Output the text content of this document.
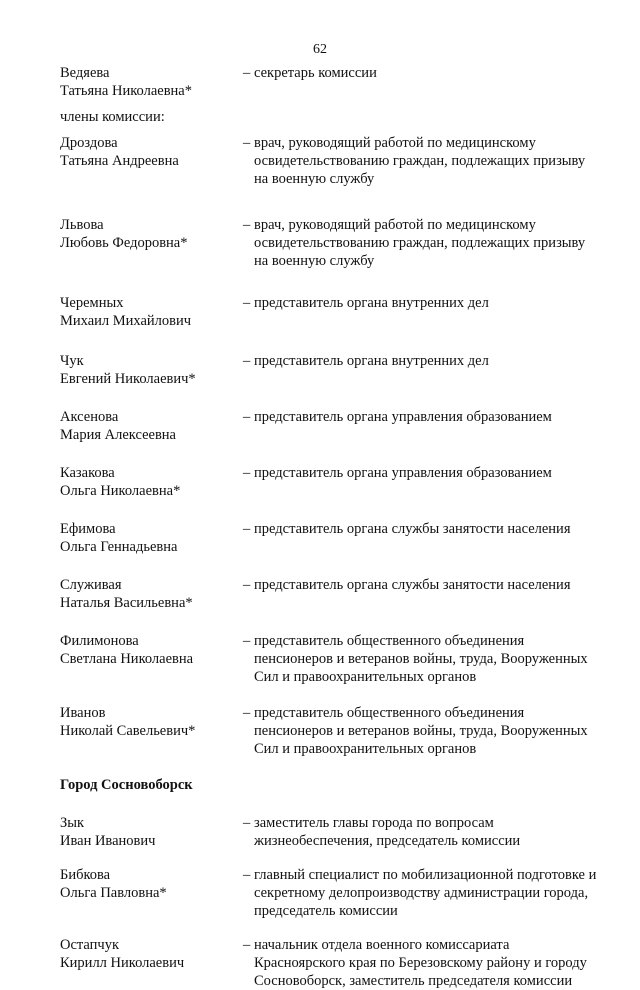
62
Ведяева
Татьяна Николаевна*
– секретарь комиссии
члены комиссии:
Дроздова
Татьяна Андреевна
– врач, руководящий работой по медицинскому
освидетельствованию граждан, подлежащих призыву
на военную службу
Львова
Любовь Федоровна*
– врач, руководящий работой по медицинскому
освидетельствованию граждан, подлежащих призыву
на военную службу
Черемных
Михаил Михайлович
– представитель органа внутренних дел
Чук
Евгений Николаевич*
– представитель органа внутренних дел
Аксенова
Мария Алексеевна
– представитель органа управления образованием
Казакова
Ольга Николаевна*
– представитель органа управления образованием
Ефимова
Ольга Геннадьевна
– представитель органа службы занятости населения
Служивая
Наталья Васильевна*
– представитель органа службы занятости населения
Филимонова
Светлана Николаевна
– представитель общественного объединения
пенсионеров и ветеранов войны, труда, Вооруженных
Сил и правоохранительных органов
Иванов
Николай Савельевич*
– представитель общественного объединения
пенсионеров и ветеранов войны, труда, Вооруженных
Сил и правоохранительных органов
Город Сосновоборск
Зык
Иван Иванович
– заместитель главы города по вопросам
жизнеобеспечения, председатель комиссии
Бибкова
Ольга Павловна*
– главный специалист по мобилизационной подготовке и
секретному делопроизводству администрации города,
председатель комиссии
Остапчук
Кирилл Николаевич
– начальник отдела военного комиссариата
Красноярского края по Березовскому району и городу
Сосновоборск, заместитель председателя комиссии
